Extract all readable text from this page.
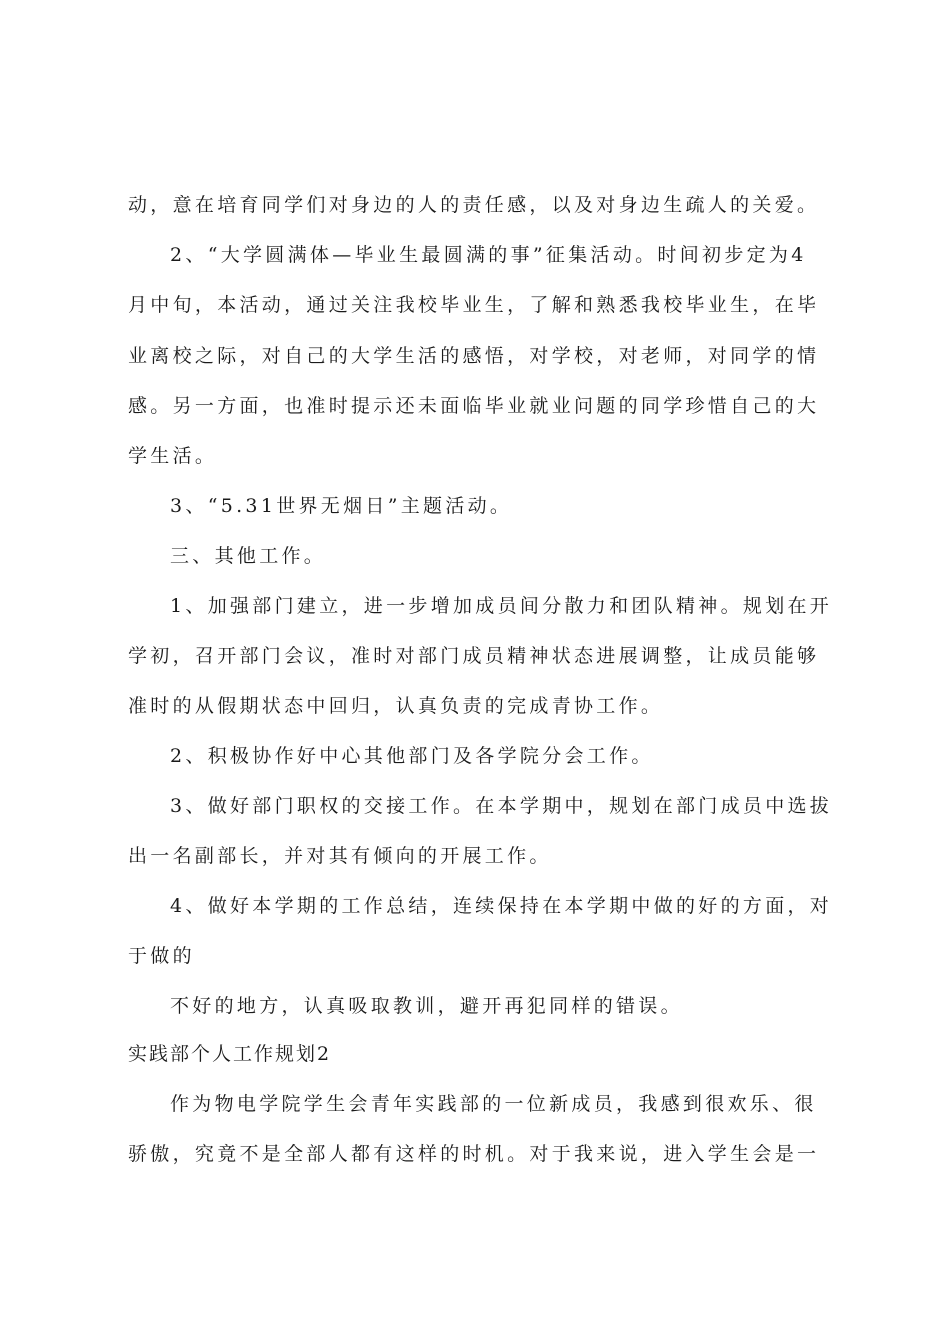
动，意在培育同学们对身边的人的责任感，以及对身边生疏人的关爱。
2、“大学圆满体—毕业生最圆满的事”征集活动。时间初步定为4
月中旬，本活动，通过关注我校毕业生，了解和熟悉我校毕业生，在毕
业离校之际，对自己的大学生活的感悟，对学校，对老师，对同学的情
感。另一方面，也准时提示还未面临毕业就业问题的同学珍惜自己的大
学生活。
3、“5.31世界无烟日”主题活动。
三、其他工作。
1、加强部门建立，进一步增加成员间分散力和团队精神。规划在开
学初，召开部门会议，准时对部门成员精神状态进展调整，让成员能够
准时的从假期状态中回归，认真负责的完成青协工作。
2、积极协作好中心其他部门及各学院分会工作。
3、做好部门职权的交接工作。在本学期中，规划在部门成员中选拔
出一名副部长，并对其有倾向的开展工作。
4、做好本学期的工作总结，连续保持在本学期中做的好的方面，对
于做的
不好的地方，认真吸取教训，避开再犯同样的错误。
实践部个人工作规划2
作为物电学院学生会青年实践部的一位新成员，我感到很欢乐、很
骄傲，究竟不是全部人都有这样的时机。对于我来说，进入学生会是一
